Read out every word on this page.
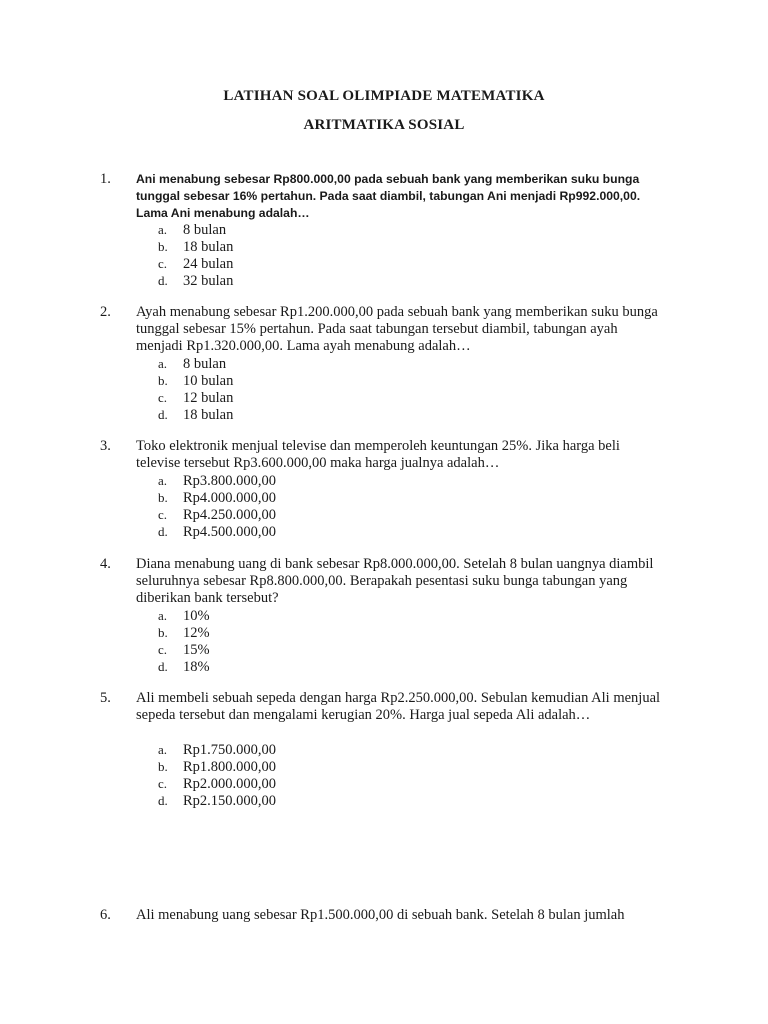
LATIHAN SOAL OLIMPIADE MATEMATIKA
ARITMATIKA SOSIAL
1. Ani menabung sebesar Rp800.000,00 pada sebuah bank yang memberikan suku bunga tunggal sebesar 16% pertahun. Pada saat diambil, tabungan Ani menjadi Rp992.000,00. Lama Ani menabung adalah…

a. 8 bulan
b. 18 bulan
c. 24 bulan
d. 32 bulan
2. Ayah menabung sebesar Rp1.200.000,00 pada sebuah bank yang memberikan suku bunga tunggal sebesar 15% pertahun. Pada saat tabungan tersebut diambil, tabungan ayah menjadi Rp1.320.000,00. Lama ayah menabung adalah…

a. 8 bulan
b. 10 bulan
c. 12 bulan
d. 18 bulan
3. Toko elektronik menjual televise dan memperoleh keuntungan 25%. Jika harga beli televise tersebut Rp3.600.000,00 maka harga jualnya adalah…

a. Rp3.800.000,00
b. Rp4.000.000,00
c. Rp4.250.000,00
d. Rp4.500.000,00
4. Diana menabung uang di bank sebesar Rp8.000.000,00. Setelah 8 bulan uangnya diambil seluruhnya sebesar Rp8.800.000,00. Berapakah pesentasi suku bunga tabungan yang diberikan bank tersebut?

a. 10%
b. 12%
c. 15%
d. 18%
5. Ali membeli sebuah sepeda dengan harga Rp2.250.000,00. Sebulan kemudian Ali menjual sepeda tersebut dan mengalami kerugian 20%. Harga jual sepeda Ali adalah…

a. Rp1.750.000,00
b. Rp1.800.000,00
c. Rp2.000.000,00
d. Rp2.150.000,00
6. Ali menabung uang sebesar Rp1.500.000,00 di sebuah bank. Setelah 8 bulan jumlah
